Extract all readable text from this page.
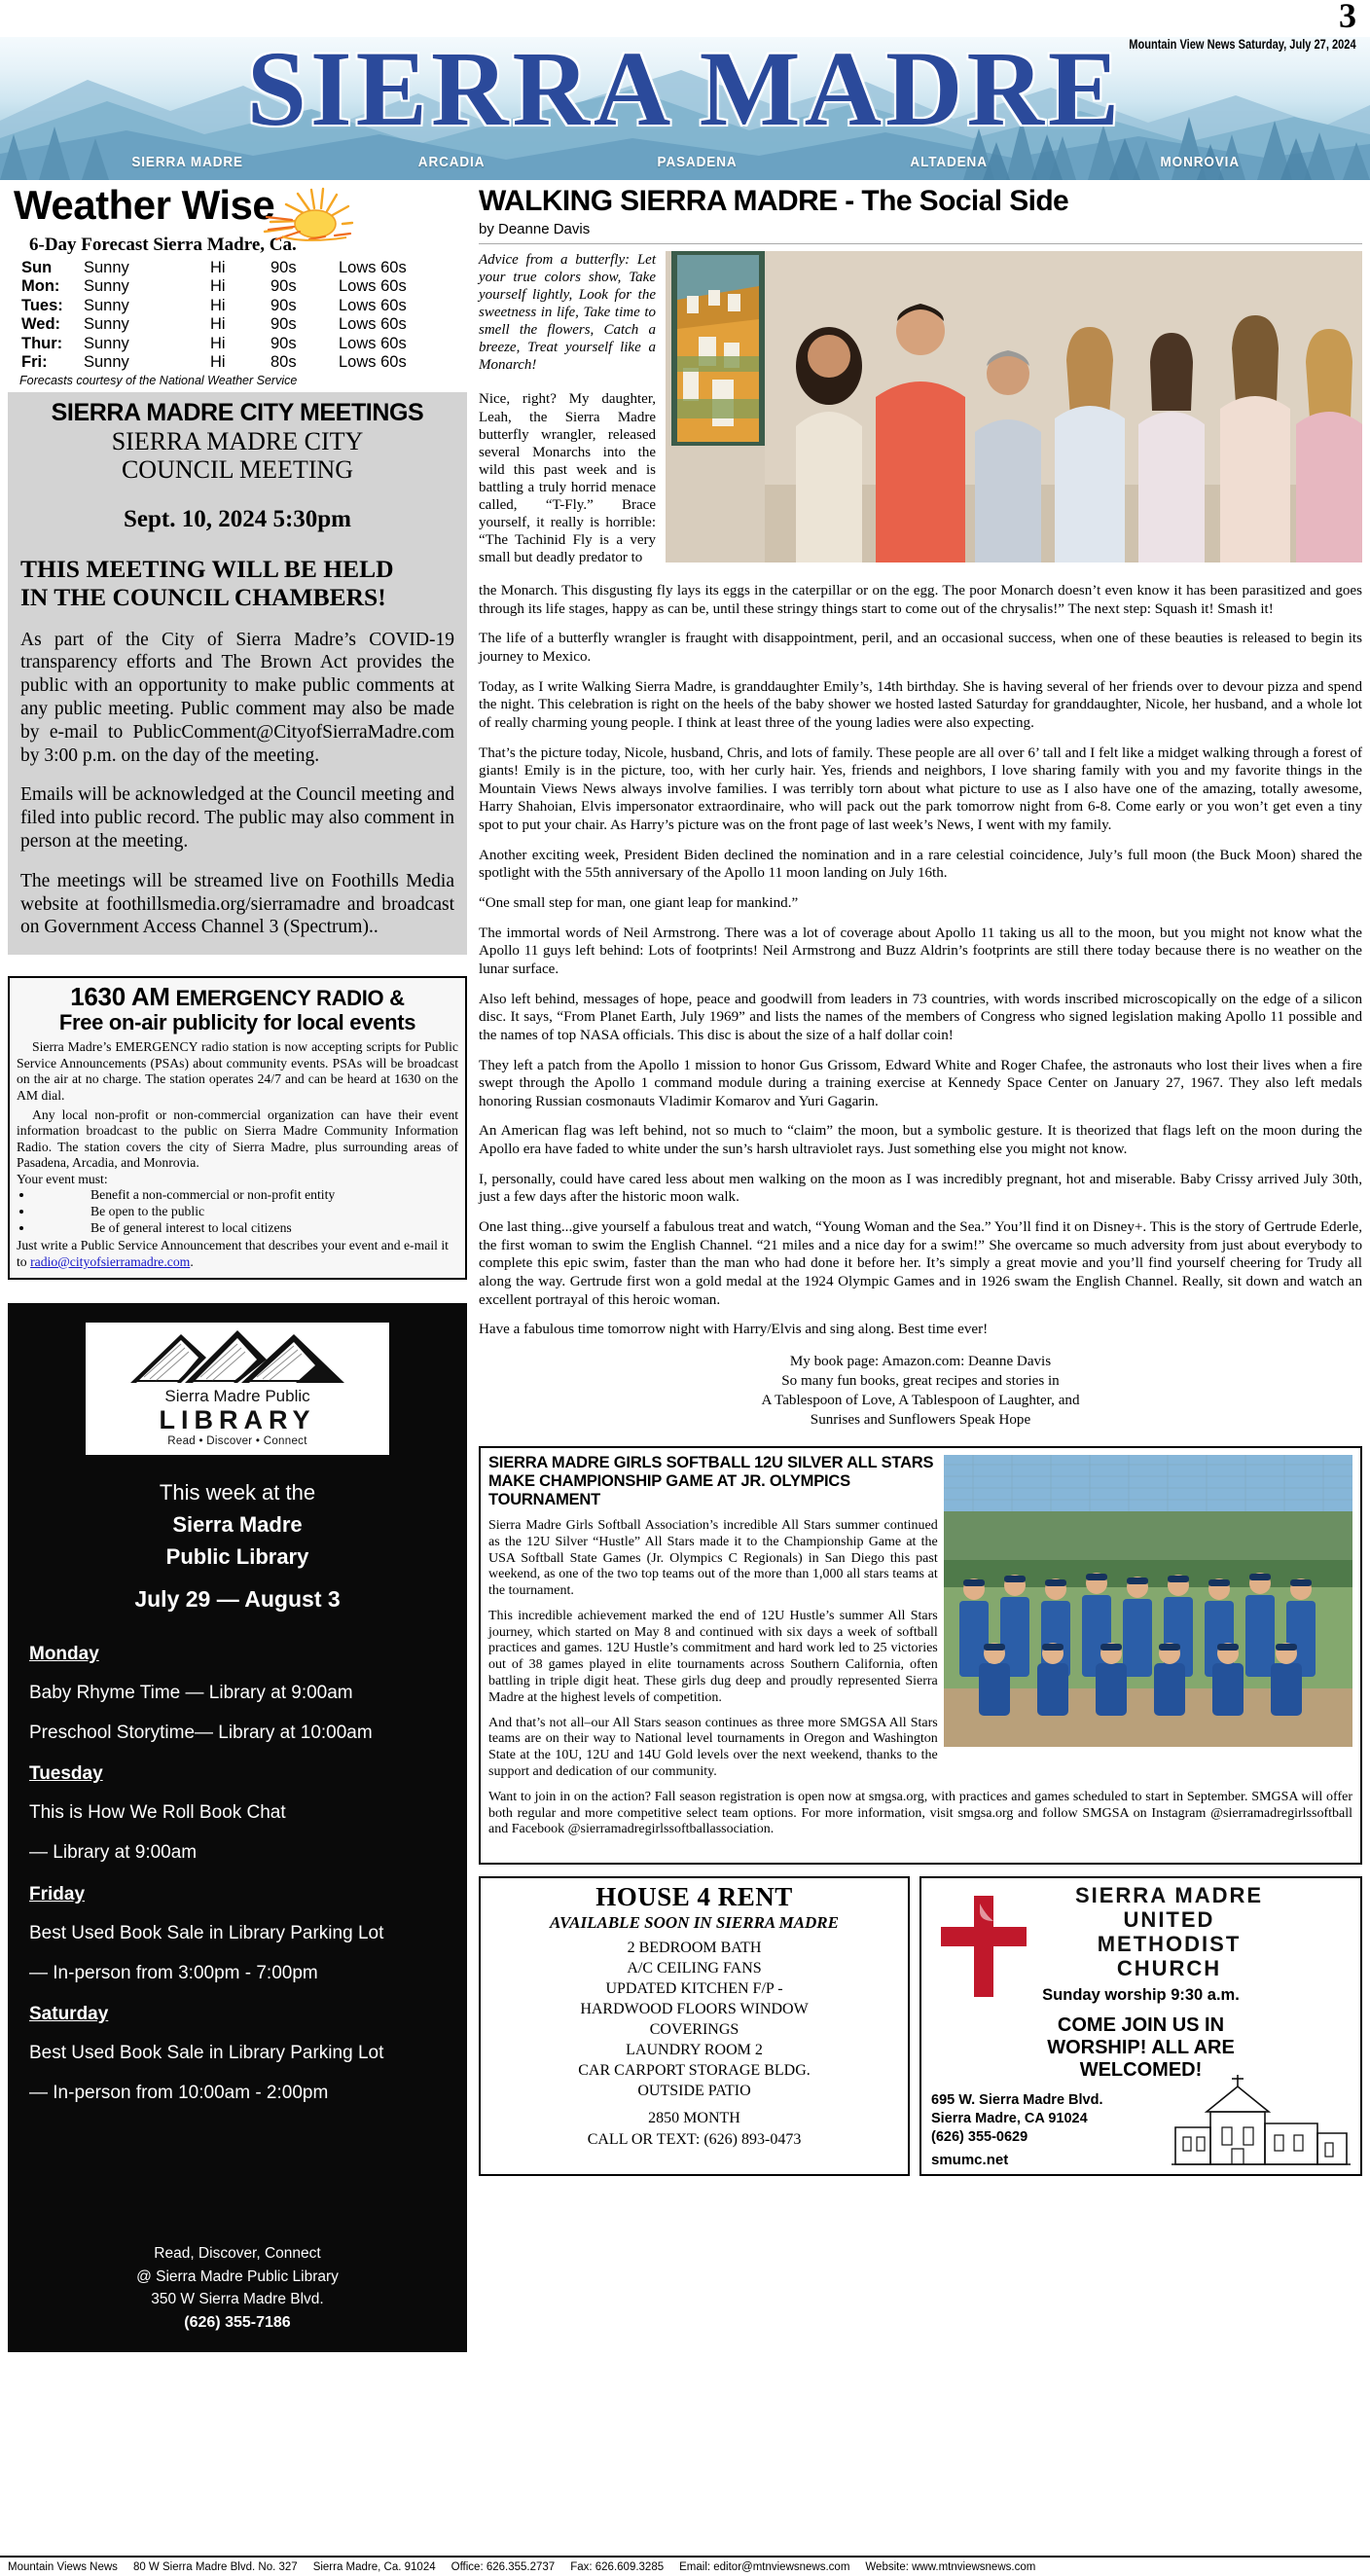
3
Mountain View News Saturday, July 27, 2024
SIERRA MADRE
SIERRA MADRE	ARCADIA	PASADENA	ALTADENA	MONROVIA
Weather Wise
6-Day Forecast Sierra Madre, Ca.
Sun	Sunny	Hi	90s	Lows 60s
Mon:	Sunny	Hi	90s	Lows 60s
Tues:	Sunny	Hi	90s	Lows 60s
Wed:	Sunny	Hi	90s	Lows 60s
Thur:	Sunny	Hi	90s	Lows 60s
Fri:	Sunny	Hi	80s	Lows 60s
Forecasts courtesy of the National Weather Service
SIERRA MADRE CITY MEETINGS
SIERRA MADRE CITY
COUNCIL MEETING
Sept. 10, 2024 5:30pm
THIS MEETING WILL BE HELD
IN THE COUNCIL CHAMBERS!
As part of the City of Sierra Madre’s COVID-19 transparency efforts and The Brown Act provides the public with an opportunity to make public comments at any public meeting. Public comment may also be made by e-mail to PublicComment@CityofSierraMadre.com by 3:00 p.m. on the day of the meeting.
Emails will be acknowledged at the Council meeting and filed into public record. The public may also comment in person at the meeting.
The meetings will be streamed live on Foothills Media website at foothillsmedia.org/sierramadre and broadcast on Government Access Channel 3 (Spectrum)..
1630 AM EMERGENCY RADIO &
Free on-air publicity for local events
Sierra Madre’s EMERGENCY radio station is now accepting scripts for Public Service Announcements (PSAs) about community events. PSAs will be broadcast on the air at no charge. The station operates 24/7 and can be heard at 1630 on the AM dial.
Any local non-profit or non-commercial organization can have their event information broadcast to the public on Sierra Madre Community Information Radio. The station covers the city of Sierra Madre, plus surrounding areas of Pasadena, Arcadia, and Monrovia.
Your event must:
• Benefit a non-commercial or non-profit entity
• Be open to the public
• Be of general interest to local citizens
Just write a Public Service Announcement that describes your event and e-mail it to radio@cityofsierramadre.com.
Sierra Madre Public
LIBRARY
Read • Discover • Connect
This week at the
Sierra Madre
Public Library
July 29 — August 3
Monday
Baby Rhyme Time — Library at 9:00am
Preschool Storytime— Library at 10:00am
Tuesday
This is How We Roll Book Chat
— Library at 9:00am
Friday
Best Used Book Sale in Library Parking Lot
— In-person from 3:00pm - 7:00pm
Saturday
Best Used Book Sale in Library Parking Lot
— In-person from 10:00am - 2:00pm
Read, Discover, Connect
@ Sierra Madre Public Library
350 W Sierra Madre Blvd.
(626) 355-7186
WALKING SIERRA MADRE - The Social Side
by Deanne Davis
Advice from a butterfly: Let your true colors show, Take yourself lightly, Look for the sweetness in life, Take time to smell the flowers, Catch a breeze, Treat yourself like a Monarch!
Nice, right? My daughter, Leah, the Sierra Madre butterfly wrangler, released several Monarchs into the wild this past week and is battling a truly horrid menace called, “T-Fly.” Brace yourself, it really is horrible: “The Tachinid Fly is a very small but deadly predator to
the Monarch. This disgusting fly lays its eggs in the caterpillar or on the egg. The poor Monarch doesn’t even know it has been parasitized and goes through its life stages, happy as can be, until these stringy things start to come out of the chrysalis!” The next step: Squash it! Smash it!
The life of a butterfly wrangler is fraught with disappointment, peril, and an occasional success, when one of these beauties is released to begin its journey to Mexico.
Today, as I write Walking Sierra Madre, is granddaughter Emily’s, 14th birthday. She is having several of her friends over to devour pizza and spend the night. This celebration is right on the heels of the baby shower we hosted lasted Saturday for granddaughter, Nicole, her husband, and a whole lot of really charming young people. I think at least three of the young ladies were also expecting.
That’s the picture today, Nicole, husband, Chris, and lots of family. These people are all over 6’ tall and I felt like a midget walking through a forest of giants! Emily is in the picture, too, with her curly hair. Yes, friends and neighbors, I love sharing family with you and my favorite things in the Mountain Views News always involve families. I was terribly torn about what picture to use as I also have one of the amazing, totally awesome, Harry Shahoian, Elvis impersonator extraordinaire, who will pack out the park tomorrow night from 6-8. Come early or you won’t get even a tiny spot to put your chair. As Harry’s picture was on the front page of last week’s News, I went with my family.
Another exciting week, President Biden declined the nomination and in a rare celestial coincidence, July’s full moon (the Buck Moon) shared the spotlight with the 55th anniversary of the Apollo 11 moon landing on July 16th.
“One small step for man, one giant leap for mankind.”
The immortal words of Neil Armstrong. There was a lot of coverage about Apollo 11 taking us all to the moon, but you might not know what the Apollo 11 guys left behind: Lots of footprints! Neil Armstrong and Buzz Aldrin’s footprints are still there today because there is no weather on the lunar surface.
Also left behind, messages of hope, peace and goodwill from leaders in 73 countries, with words inscribed microscopically on the edge of a silicon disc. It says, “From Planet Earth, July 1969” and lists the names of the members of Congress who signed legislation making Apollo 11 possible and the names of top NASA officials. This disc is about the size of a half dollar coin!
They left a patch from the Apollo 1 mission to honor Gus Grissom, Edward White and Roger Chafee, the astronauts who lost their lives when a fire swept through the Apollo 1 command module during a training exercise at Kennedy Space Center on January 27, 1967. They also left medals honoring Russian cosmonauts Vladimir Komarov and Yuri Gagarin.
An American flag was left behind, not so much to “claim” the moon, but a symbolic gesture. It is theorized that flags left on the moon during the Apollo era have faded to white under the sun’s harsh ultraviolet rays. Just something else you might not know.
I, personally, could have cared less about men walking on the moon as I was incredibly pregnant, hot and miserable. Baby Crissy arrived July 30th, just a few days after the historic moon walk.
One last thing...give yourself a fabulous treat and watch, “Young Woman and the Sea.” You’ll find it on Disney+. This is the story of Gertrude Ederle, the first woman to swim the English Channel. “21 miles and a nice day for a swim!” She overcame so much adversity from just about everybody to complete this epic swim, faster than the man who had done it before her. It’s simply a great movie and you’ll find yourself cheering for Trudy all along the way. Gertrude first won a gold medal at the 1924 Olympic Games and in 1926 swam the English Channel. Really, sit down and watch an excellent portrayal of this heroic woman.
Have a fabulous time tomorrow night with Harry/Elvis and sing along. Best time ever!
My book page: Amazon.com: Deanne Davis
So many fun books, great recipes and stories in
A Tablespoon of Love, A Tablespoon of Laughter, and
Sunrises and Sunflowers Speak Hope
SIERRA MADRE GIRLS SOFTBALL 12U SILVER ALL STARS MAKE CHAMPIONSHIP GAME AT JR. OLYMPICS TOURNAMENT
Sierra Madre Girls Softball Association’s incredible All Stars summer continued as the 12U Silver “Hustle” All Stars made it to the Championship Game at the USA Softball State Games (Jr. Olympics C Regionals) in San Diego this past weekend, as one of the two top teams out of the more than 1,000 all stars teams at the tournament.
This incredible achievement marked the end of 12U Hustle’s summer All Stars journey, which started on May 8 and continued with six days a week of softball practices and games. 12U Hustle’s commitment and hard work led to 25 victories out of 38 games played in elite tournaments across Southern California, often battling in triple digit heat. These girls dug deep and proudly represented Sierra Madre at the highest levels of competition.
And that’s not all–our All Stars season continues as three more SMGSA All Stars teams are on their way to National level tournaments in Oregon and Washington State at the 10U, 12U and 14U Gold levels over the next weekend, thanks to the support and dedication of our community.
Want to join in on the action? Fall season registration is open now at smgsa.org, with practices and games scheduled to start in September. SMGSA will offer both regular and more competitive select team options. For more information, visit smgsa.org and follow SMGSA on Instagram @sierramadregirlssoftball and Facebook @sierramadregirlssoftballassociation.
HOUSE 4 RENT
AVAILABLE SOON IN SIERRA MADRE
2 BEDROOM BATH
A/C CEILING FANS
UPDATED KITCHEN F/P -
HARDWOOD FLOORS WINDOW
COVERINGS
LAUNDRY ROOM 2
CAR CARPORT STORAGE BLDG.
OUTSIDE PATIO
2850 MONTH
CALL OR TEXT: (626) 893-0473
SIERRA MADRE
UNITED
METHODIST
CHURCH
Sunday worship 9:30 a.m.
COME JOIN US IN
WORSHIP! ALL ARE
WELCOMED!
695 W. Sierra Madre Blvd.
Sierra Madre, CA 91024
(626) 355-0629
smumc.net
Mountain Views News 80 W Sierra Madre Blvd. No. 327 Sierra Madre, Ca. 91024 Office: 626.355.2737 Fax: 626.609.3285 Email: editor@mtnviewsnews.com Website: www.mtnviewsnews.com
